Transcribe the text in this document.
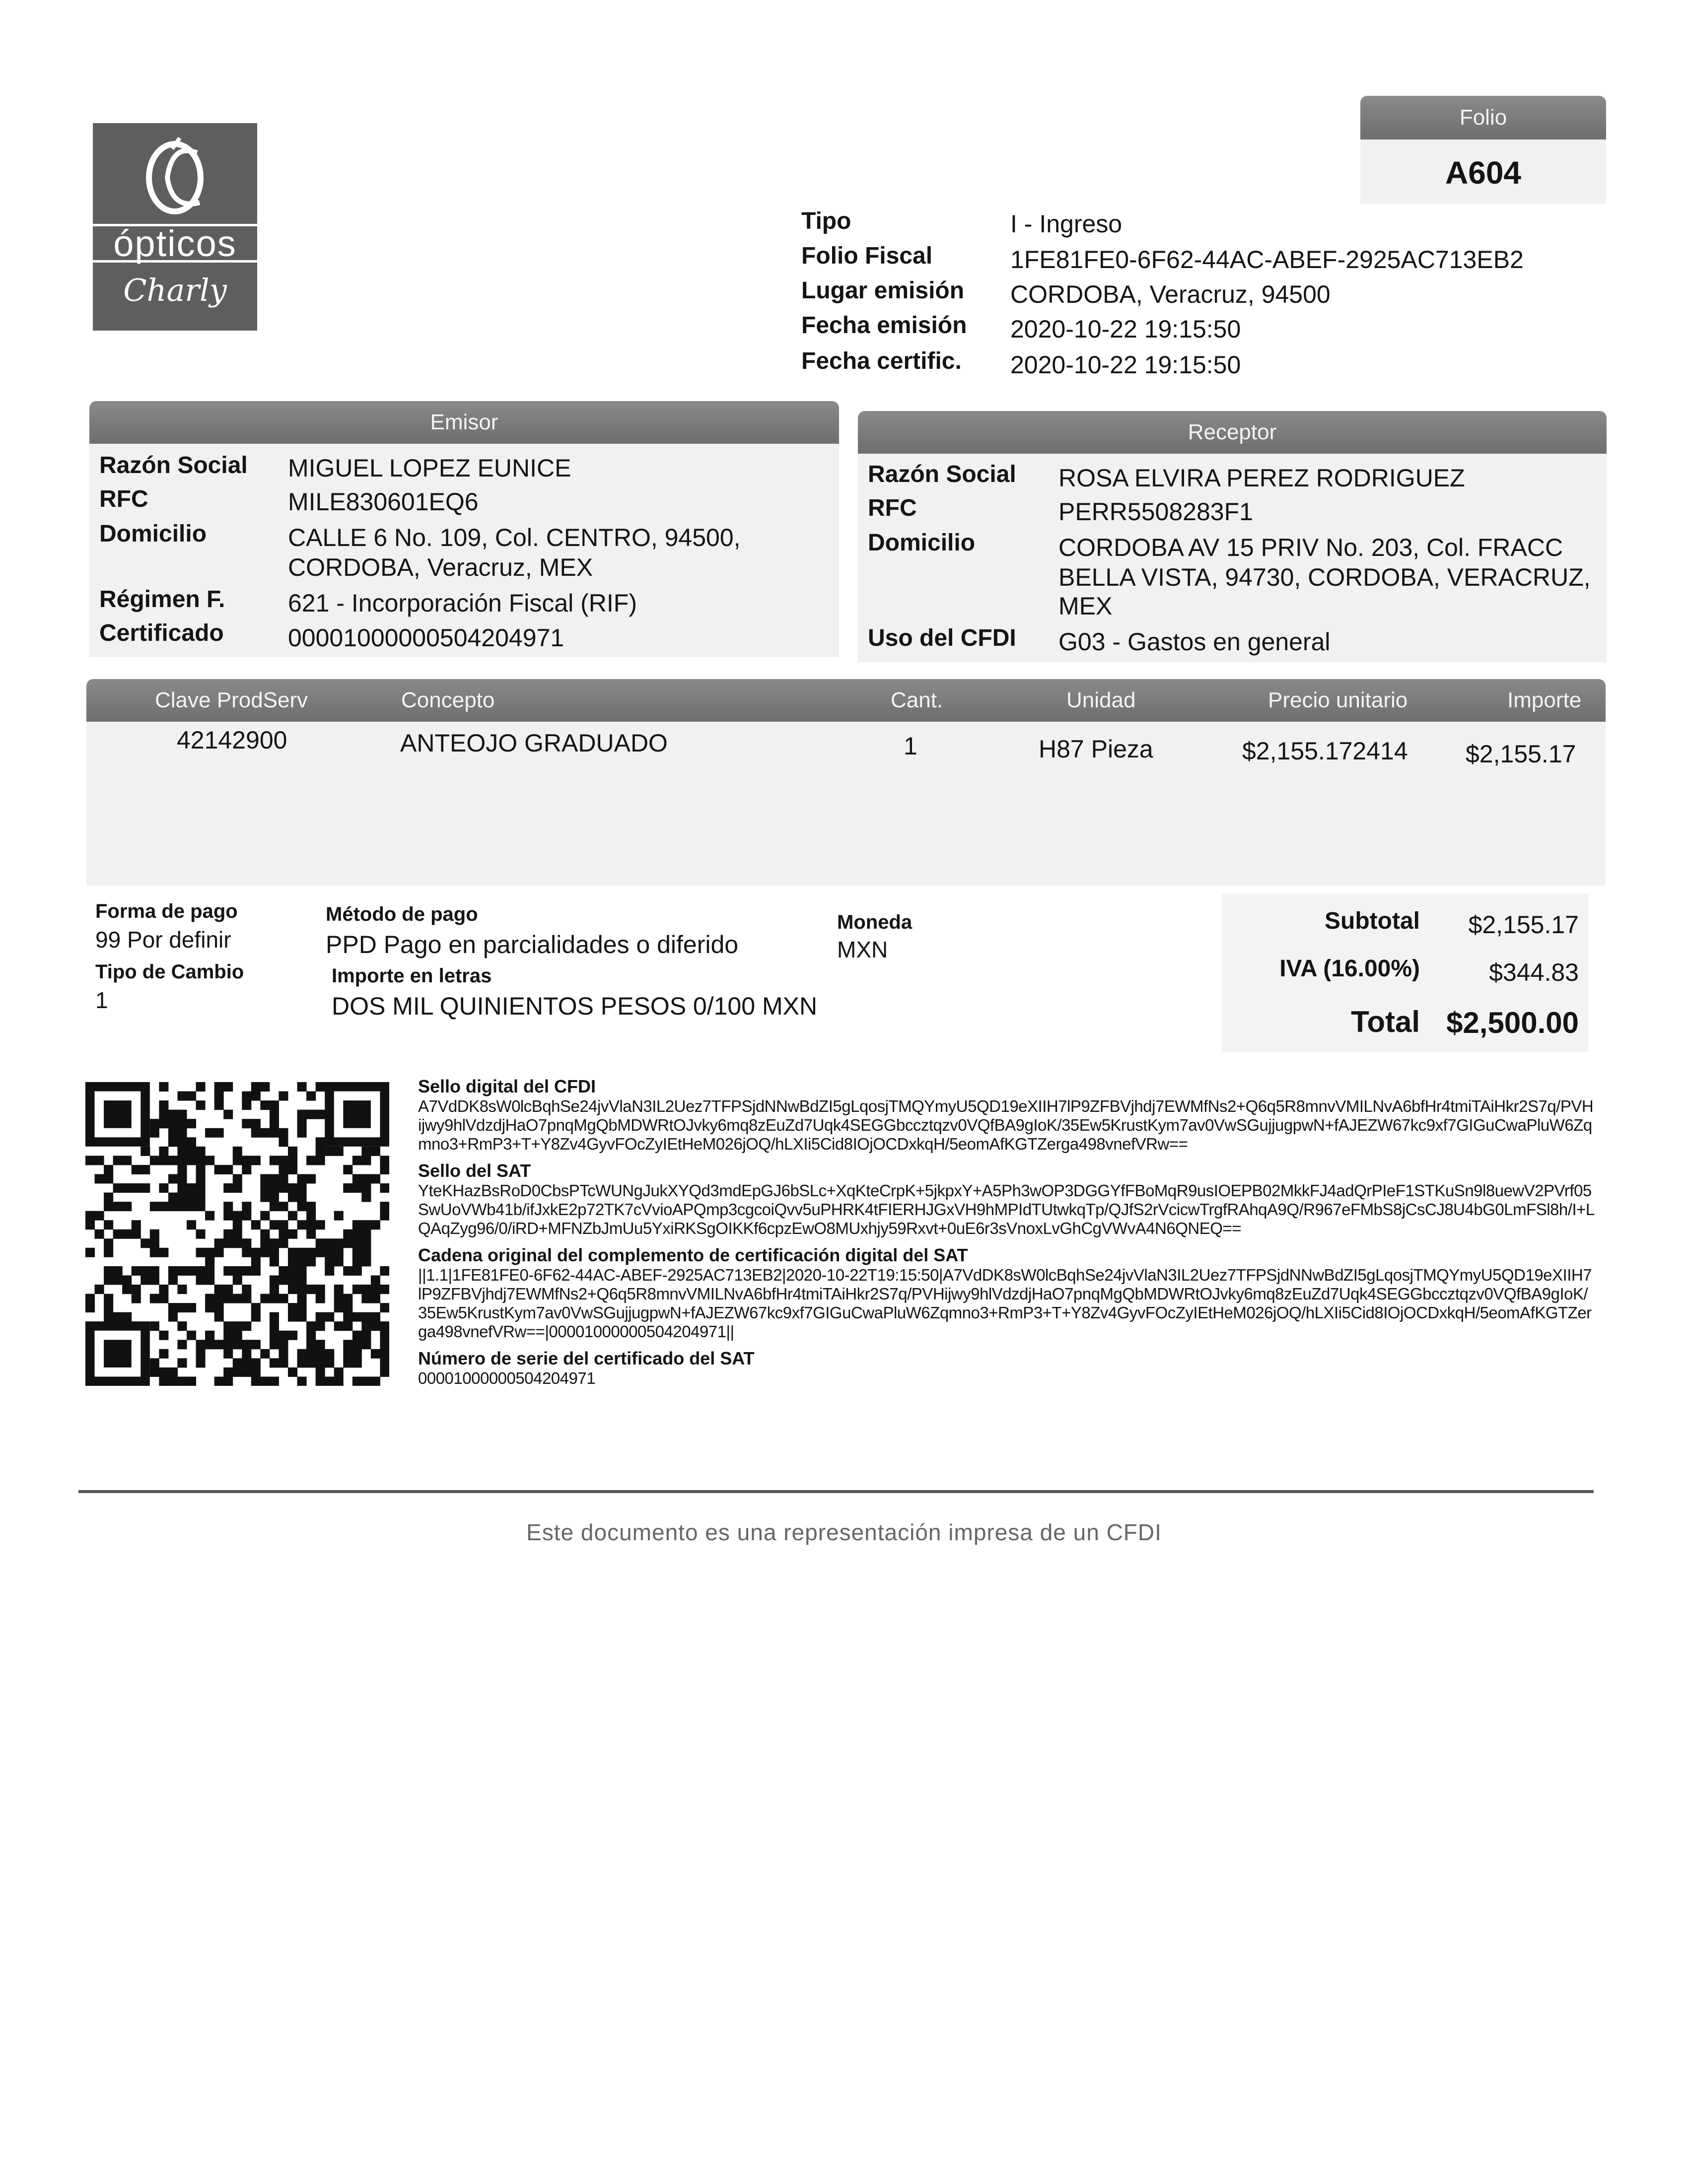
ópticos
Charly
Folio
A604
Tipo	I - Ingreso
Folio Fiscal	1FE81FE0-6F62-44AC-ABEF-2925AC713EB2
Lugar emisión CORDOBA, Veracruz, 94500
Fecha emisión 2020-10-22 19:15:50
Fecha certific. 2020-10-22 19:15:50
Emisor
Razón Social MIGUEL LOPEZ EUNICE
RFC	MILE830601EQ6
Domicilio	CALLE 6 No. 109, Col. CENTRO, 94500,
CORDOBA, Veracruz, MEX
Régimen F.	621 - Incorporación Fiscal (RIF)
Certificado	00001000000504204971
Receptor
Razón Social ROSA ELVIRA PEREZ RODRIGUEZ
RFC	PERR5508283F1
Domicilio	CORDOBA AV 15 PRIV No. 203, Col. FRACC
BELLA VISTA, 94730, CORDOBA, VERACRUZ,
MEX
Uso del CFDI G03 - Gastos en general
Clave ProdServ	Concepto	Cant.	Unidad	Precio unitario	Importe
42142900	ANTEOJO GRADUADO	1	H87 Pieza	$2,155.172414 $2,155.17
Forma de pago
99 Por definir
Tipo de Cambio
1
Método de pago
PPD Pago en parcialidades o diferido
Importe en letras
DOS MIL QUINIENTOS PESOS 0/100 MXN
Moneda
MXN
Subtotal	$2,155.17
IVA (16.00%)	$344.83
Total $2,500.00
Sello digital del CFDI
A7VdDK8sW0lcBqhSe24jvVlaN3IL2Uez7TFPSjdNNwBdZI5gLqosjTMQYmyU5QD19eXIIH7lP9ZFBVjhdj7EWMfNs2+Q6q5R8mnvVMILNvA6bfHr4tmiTAiHkr2S7q/PVHijwy9hlVdzdjHaO7pnqMgQbMDWRtOJvky6mq8zEuZd7Uqk4SEGGbccztqzv0VQfBA9gIoK/35Ew5KrustKym7av0VwSGujjugpwN+fAJEZW67kc9xf7GIGuCwaPluW6Zqmno3+RmP3+T+Y8Zv4GyvFOcZyIEtHeM026jOQ/hLXIi5Cid8IOjOCDxkqH/5eomAfKGTZerga498vnefVRw==
Sello del SAT
YteKHazBsRoD0CbsPTcWUNgJukXYQd3mdEpGJ6bSLc+XqKteCrpK+5jkpxY+A5Ph3wOP3DGGYfFBoMqR9usIOEPB02MkkFJ4adQrPIeF1STKuSn9l8uewV2PVrf05SwUoVWb41b/ifJxkE2p72TK7cVvioAPQmp3cgcoiQvv5uPHRK4tFIERHJGxVH9hMPIdTUtwkqTp/QJfS2rVcicwTrgfRAhqA9Q/R967eFMbS8jCsCJ8U4bG0LmFSl8h/I+LQAqZyg96/0/iRD+MFNZbJmUu5YxiRKSgOIKKf6cpzEwO8MUxhjy59Rxvt+0uE6r3sVnoxLvGhCgVWvA4N6QNEQ==
Cadena original del complemento de certificación digital del SAT
||1.1|1FE81FE0-6F62-44AC-ABEF-2925AC713EB2|2020-10-22T19:15:50|A7VdDK8sW0lcBqhSe24jvVlaN3IL2Uez7TFPSjdNNwBdZI5gLqosjTMQYmyU5QD19eXIIH7lP9ZFBVjhdj7EWMfNs2+Q6q5R8mnvVMILNvA6bfHr4tmiTAiHkr2S7q/PVHijwy9hlVdzdjHaO7pnqMgQbMDWRtOJvky6mq8zEuZd7Uqk4SEGGbccztqzv0VQfBA9gIoK/35Ew5KrustKym7av0VwSGujjugpwN+fAJEZW67kc9xf7GIGuCwaPluW6Zqmno3+RmP3+T+Y8Zv4GyvFOcZyIEtHeM026jOQ/hLXIi5Cid8IOjOCDxkqH/5eomAfKGTZerga498vnefVRw==|00001000000504204971||
Número de serie del certificado del SAT
00001000000504204971
Este documento es una representación impresa de un CFDI
